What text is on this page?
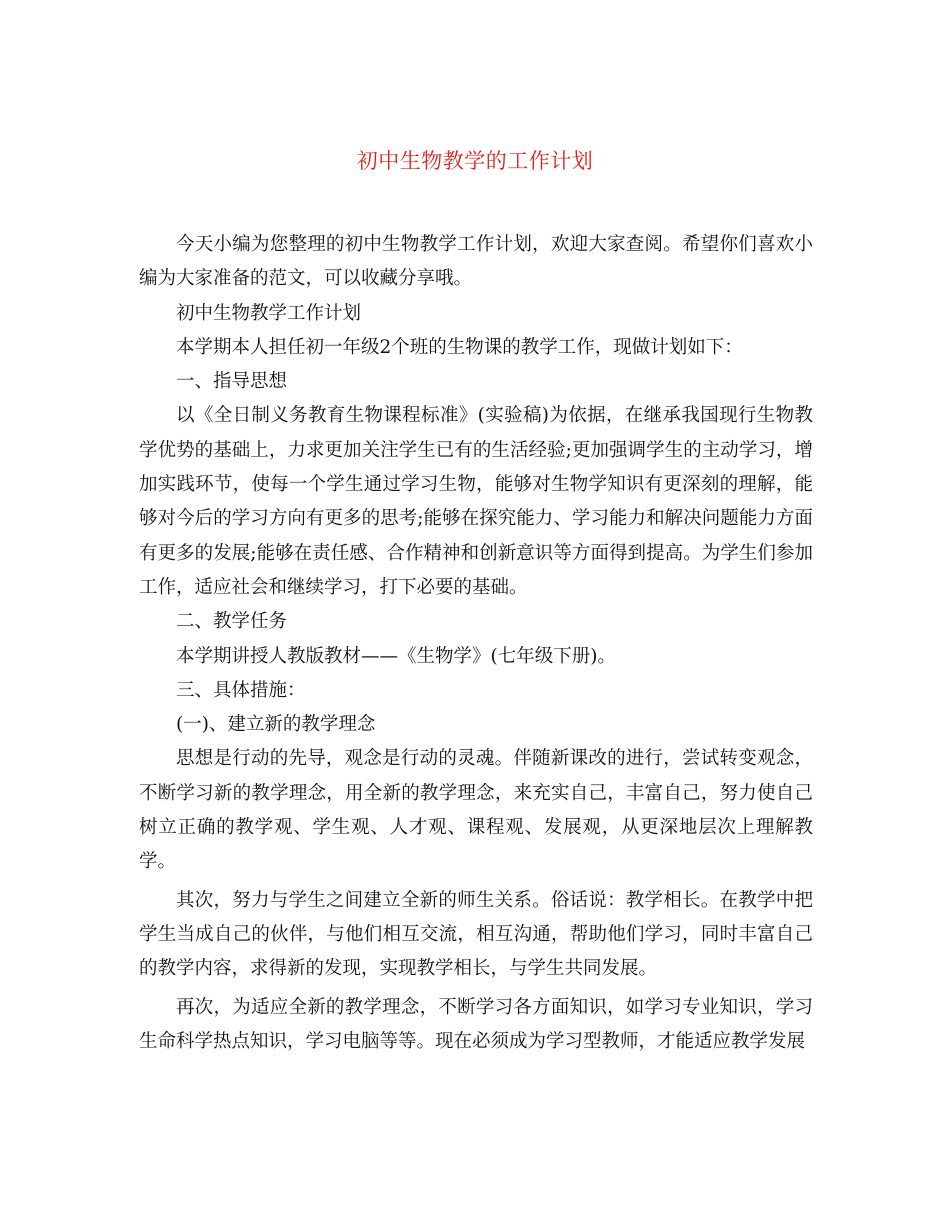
初中生物教学的工作计划

今天小编为您整理的初中生物教学工作计划，欢迎大家查阅。希望你们喜欢小编为大家准备的范文，可以收藏分享哦。

初中生物教学工作计划

本学期本人担任初一年级2个班的生物课的教学工作，现做计划如下：

一、指导思想

以《全日制义务教育生物课程标准》(实验稿)为依据，在继承我国现行生物教学优势的基础上，力求更加关注学生已有的生活经验;更加强调学生的主动学习，增加实践环节，使每一个学生通过学习生物，能够对生物学知识有更深刻的理解，能够对今后的学习方向有更多的思考;能够在探究能力、学习能力和解决问题能力方面有更多的发展;能够在责任感、合作精神和创新意识等方面得到提高。为学生们参加工作，适应社会和继续学习，打下必要的基础。

二、教学任务

本学期讲授人教版教材——《生物学》(七年级下册)。

三、具体措施：

(一)、建立新的教学理念

思想是行动的先导，观念是行动的灵魂。伴随新课改的进行，尝试转变观念，不断学习新的教学理念，用全新的教学理念，来充实自己，丰富自己，努力使自己树立正确的教学观、学生观、人才观、课程观、发展观，从更深地层次上理解教学。

其次，努力与学生之间建立全新的师生关系。俗话说：教学相长。在教学中把学生当成自己的伙伴，与他们相互交流，相互沟通，帮助他们学习，同时丰富自己的教学内容，求得新的发现，实现教学相长，与学生共同发展。

再次，为适应全新的教学理念，不断学习各方面知识，如学习专业知识，学习生命科学热点知识，学习电脑等等。现在必须成为学习型教师，才能适应教学发展
